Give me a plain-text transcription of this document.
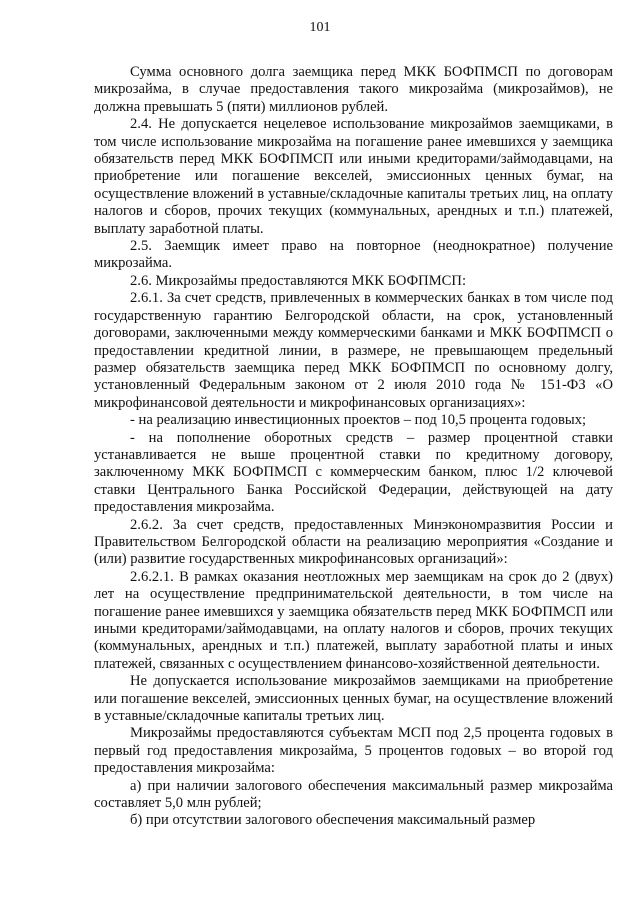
101

Сумма основного долга заемщика перед МКК БОФПМСП по договорам микрозайма, в случае предоставления такого микрозайма (микрозаймов), не должна превышать 5 (пяти) миллионов рублей.

2.4. Не допускается нецелевое использование микрозаймов заемщиками, в том числе использование микрозайма на погашение ранее имевшихся у заемщика обязательств перед МКК БОФПМСП или иными кредиторами/займодавцами, на приобретение или погашение векселей, эмиссионных ценных бумаг, на осуществление вложений в уставные/складочные капиталы третьих лиц, на оплату налогов и сборов, прочих текущих (коммунальных, арендных и т.п.) платежей, выплату заработной платы.

2.5. Заемщик имеет право на повторное (неоднократное) получение микрозайма.

2.6. Микрозаймы предоставляются МКК БОФПМСП:

2.6.1. За счет средств, привлеченных в коммерческих банках в том числе под государственную гарантию Белгородской области, на срок, установленный договорами, заключенными между коммерческими банками и МКК БОФПМСП о предоставлении кредитной линии, в размере, не превышающем предельный размер обязательств заемщика перед МКК БОФПМСП по основному долгу, установленный Федеральным законом от 2 июля 2010 года № 151-ФЗ «О микрофинансовой деятельности и микрофинансовых организациях»:

- на реализацию инвестиционных проектов – под 10,5 процента годовых;

- на пополнение оборотных средств – размер процентной ставки устанавливается не выше процентной ставки по кредитному договору, заключенному МКК БОФПМСП с коммерческим банком, плюс 1/2 ключевой ставки Центрального Банка Российской Федерации, действующей на дату предоставления микрозайма.

2.6.2. За счет средств, предоставленных Минэкономразвития России и Правительством Белгородской области на реализацию мероприятия «Создание и (или) развитие государственных микрофинансовых организаций»:

2.6.2.1. В рамках оказания неотложных мер заемщикам на срок до 2 (двух) лет на осуществление предпринимательской деятельности, в том числе на погашение ранее имевшихся у заемщика обязательств перед МКК БОФПМСП или иными кредиторами/займодавцами, на оплату налогов и сборов, прочих текущих (коммунальных, арендных и т.п.) платежей, выплату заработной платы и иных платежей, связанных с осуществлением финансово-хозяйственной деятельности.

Не допускается использование микрозаймов заемщиками на приобретение или погашение векселей, эмиссионных ценных бумаг, на осуществление вложений в уставные/складочные капиталы третьих лиц.

Микрозаймы предоставляются субъектам МСП под 2,5 процента годовых в первый год предоставления микрозайма, 5 процентов годовых – во второй год предоставления микрозайма:

а) при наличии залогового обеспечения максимальный размер микрозайма составляет 5,0 млн рублей;

б) при отсутствии залогового обеспечения максимальный размер
